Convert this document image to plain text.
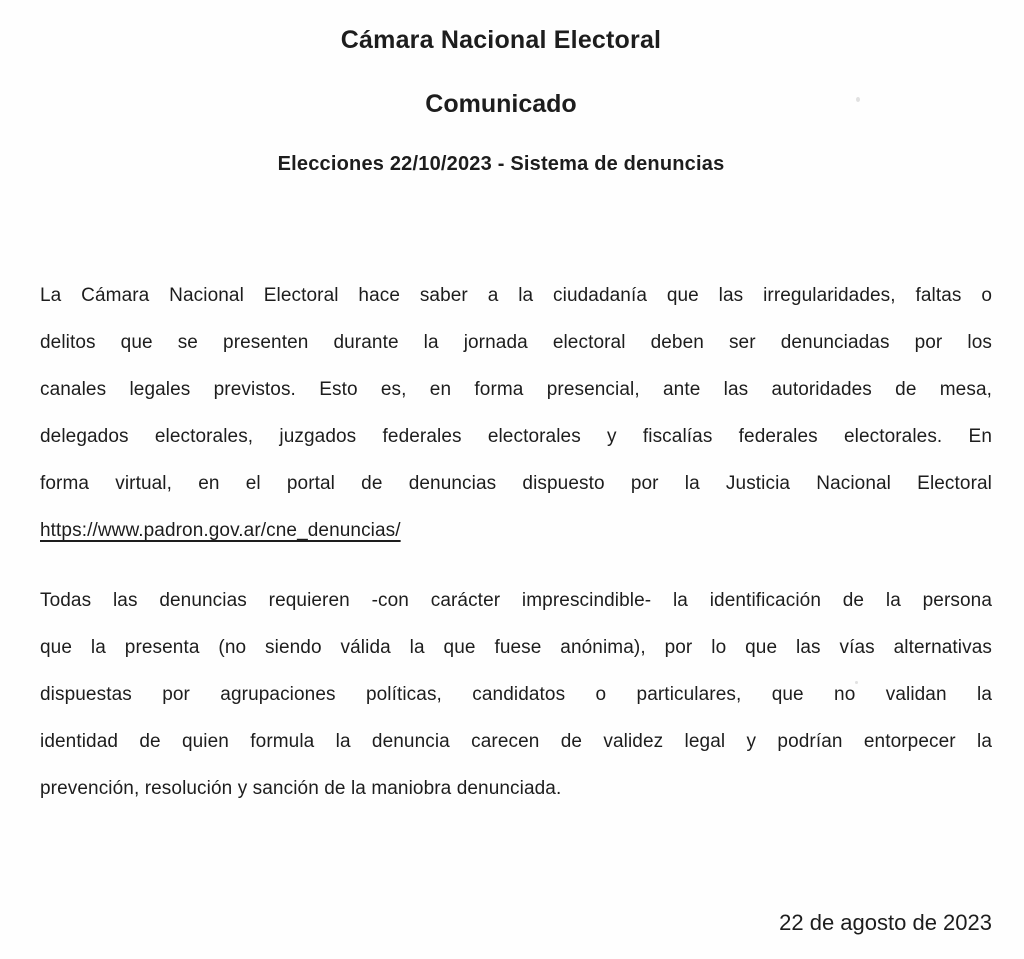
Cámara Nacional Electoral
Comunicado
Elecciones 22/10/2023 - Sistema de denuncias
La Cámara Nacional Electoral hace saber a la ciudadanía que las irregularidades, faltas o
delitos que se presenten durante la jornada electoral deben ser denunciadas por los
canales legales previstos. Esto es, en forma presencial, ante las autoridades de mesa,
delegados electorales, juzgados federales electorales y fiscalías federales electorales. En
forma virtual, en el portal de denuncias dispuesto por la Justicia Nacional Electoral
https://www.padron.gov.ar/cne_denuncias/
Todas las denuncias requieren -con carácter imprescindible- la identificación de la persona
que la presenta (no siendo válida la que fuese anónima), por lo que las vías alternativas
dispuestas por agrupaciones políticas, candidatos o particulares, que no validan la
identidad de quien formula la denuncia carecen de validez legal y podrían entorpecer la
prevención, resolución y sanción de la maniobra denunciada.
22 de agosto de 2023
